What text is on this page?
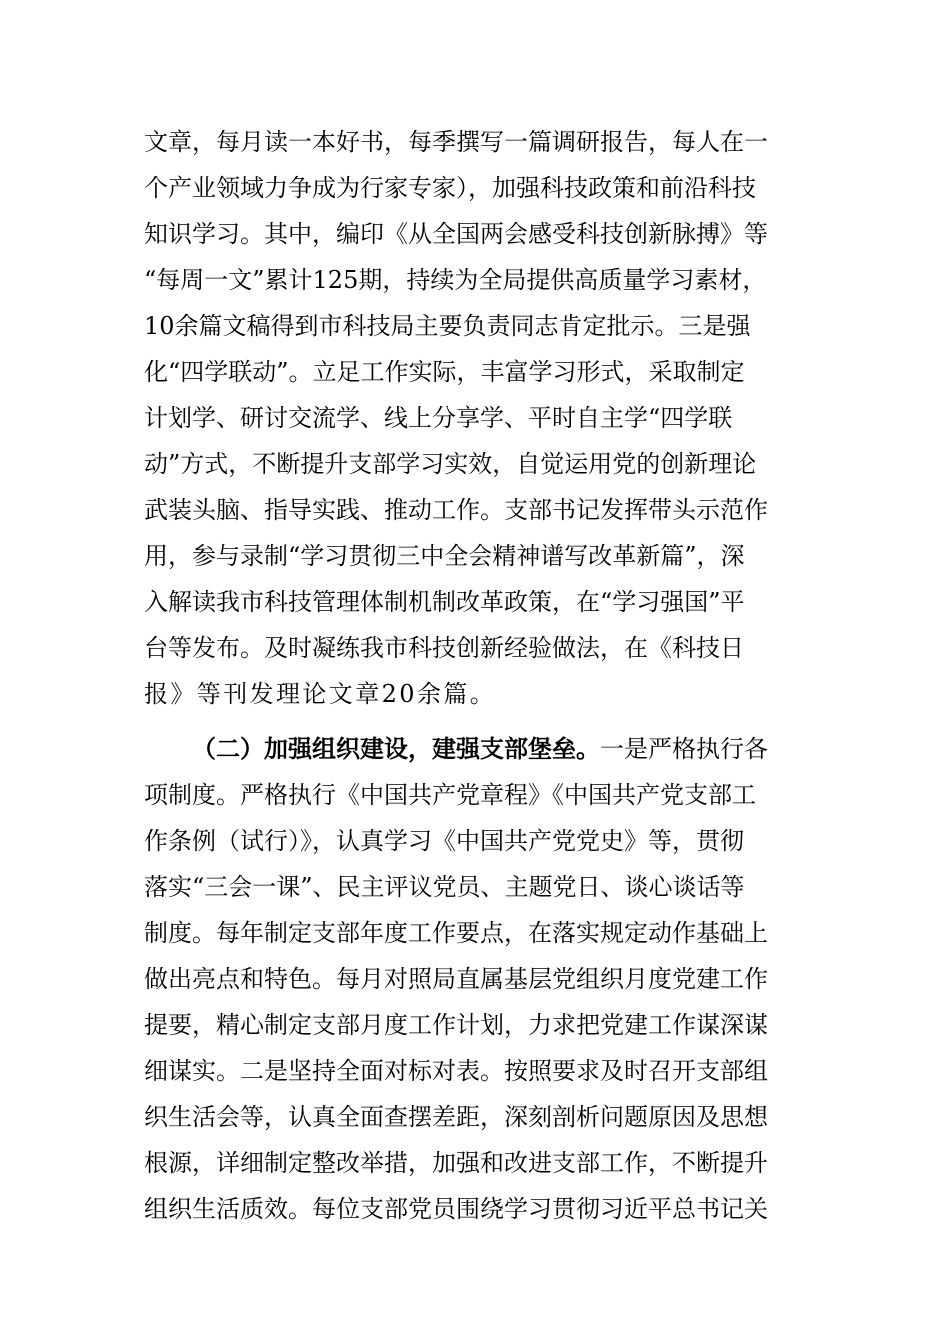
文章，每月读一本好书，每季撰写一篇调研报告，每人在一
个产业领域力争成为行家专家），加强科技政策和前沿科技
知识学习。其中，编印《从全国两会感受科技创新脉搏》等
“每周一文”累计125期，持续为全局提供高质量学习素材，
10余篇文稿得到市科技局主要负责同志肯定批示。三是强
化“四学联动”。立足工作实际，丰富学习形式，采取制定
计划学、研讨交流学、线上分享学、平时自主学“四学联
动”方式，不断提升支部学习实效，自觉运用党的创新理论
武装头脑、指导实践、推动工作。支部书记发挥带头示范作
用，参与录制“学习贯彻三中全会精神谱写改革新篇”，深
入解读我市科技管理体制机制改革政策，在“学习强国”平
台等发布。及时凝练我市科技创新经验做法，在《科技日
报》等刊发理论文章20余篇。
（二）加强组织建设，建强支部堡垒。一是严格执行各
项制度。严格执行《中国共产党章程》《中国共产党支部工
作条例（试行）》，认真学习《中国共产党党史》等，贯彻
落实“三会一课”、民主评议党员、主题党日、谈心谈话等
制度。每年制定支部年度工作要点，在落实规定动作基础上
做出亮点和特色。每月对照局直属基层党组织月度党建工作
提要，精心制定支部月度工作计划，力求把党建工作谋深谋
细谋实。二是坚持全面对标对表。按照要求及时召开支部组
织生活会等，认真全面查摆差距，深刻剖析问题原因及思想
根源，详细制定整改举措，加强和改进支部工作，不断提升
组织生活质效。每位支部党员围绕学习贯彻习近平总书记关
